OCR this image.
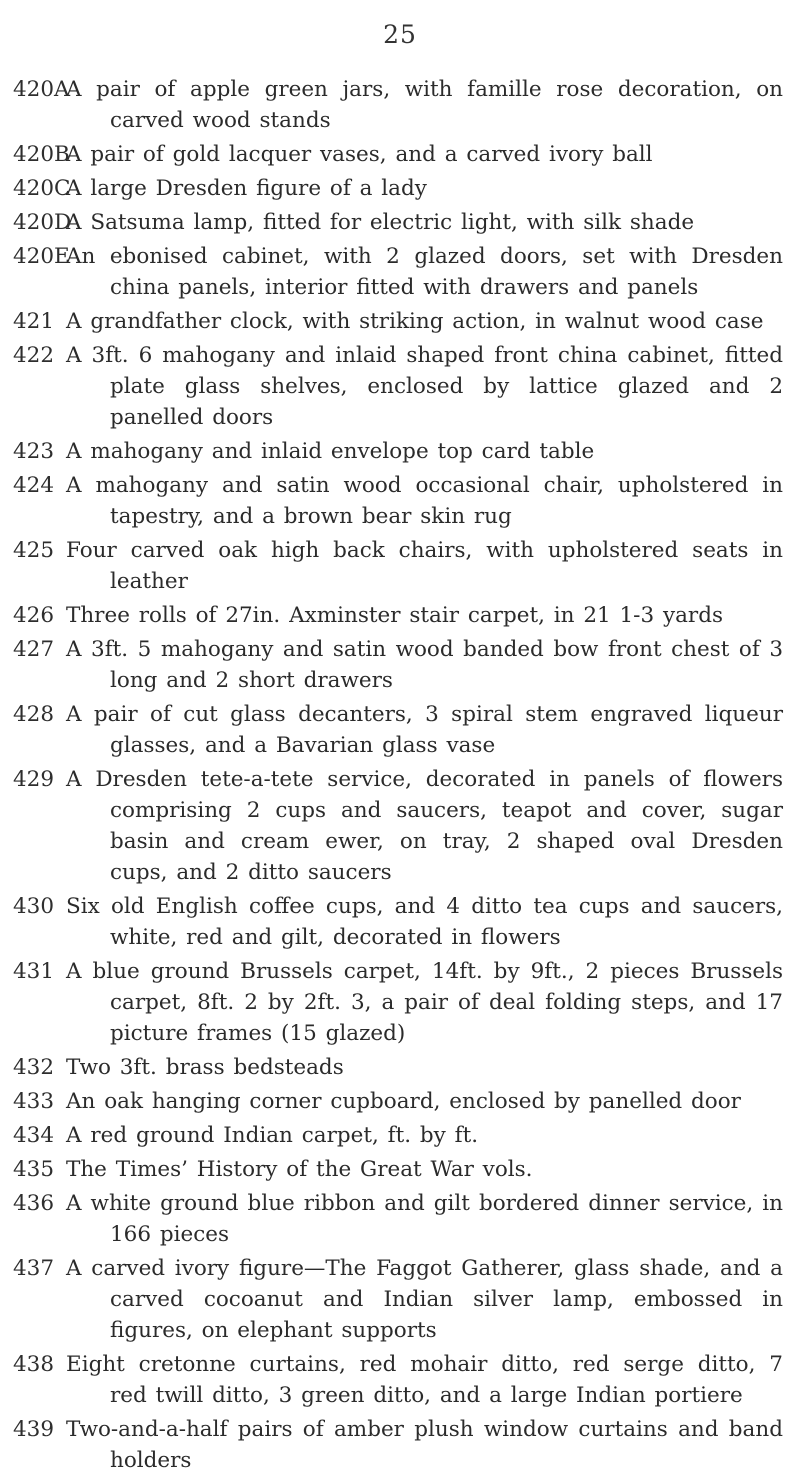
25
420A
A pair of apple green jars, with famille rose decoration, on carved wood stands
420B
A pair of gold lacquer vases, and a carved ivory ball
420C
A large Dresden figure of a lady
420D
A Satsuma lamp, fitted for electric light, with silk shade
420E
An ebonised cabinet, with 2 glazed doors, set with Dresden china panels, interior fitted with drawers and panels
421 A grandfather clock, with striking action, in walnut wood case
422 A 3ft. 6 mahogany and inlaid shaped front china cabinet, fitted plate glass shelves, enclosed by lattice glazed and 2 panelled doors
423 A mahogany and inlaid envelope top card table
424 A mahogany and satin wood occasional chair, upholstered in tapestry, and a brown bear skin rug
425 Four carved oak high back chairs, with upholstered seats in leather
426 Three rolls of 27in. Axminster stair carpet, in 21 1-3 yards
427 A 3ft. 5 mahogany and satin wood banded bow front chest of 3 long and 2 short drawers
428 A pair of cut glass decanters, 3 spiral stem engraved liqueur glasses, and a Bavarian glass vase
429 A Dresden tete-a-tete service, decorated in panels of flowers comprising 2 cups and saucers, teapot and cover, sugar basin and cream ewer, on tray, 2 shaped oval Dresden cups, and 2 ditto saucers
430 Six old English coffee cups, and 4 ditto tea cups and saucers, white, red and gilt, decorated in flowers
431 A blue ground Brussels carpet, 14ft. by 9ft., 2 pieces Brussels carpet, 8ft. 2 by 2ft. 3, a pair of deal folding steps, and 17 picture frames (15 glazed)
432 Two 3ft. brass bedsteads
433 An oak hanging corner cupboard, enclosed by panelled door
434 A red ground Indian carpet, ft. by ft.
435 The Times’ History of the Great War vols.
436 A white ground blue ribbon and gilt bordered dinner service, in 166 pieces
437 A carved ivory figure—The Faggot Gatherer, glass shade, and a carved cocoanut and Indian silver lamp, embossed in figures, on elephant supports
438 Eight cretonne curtains, red mohair ditto, red serge ditto, 7 red twill ditto, 3 green ditto, and a large Indian portiere
439 Two-and-a-half pairs of amber plush window curtains and band holders
